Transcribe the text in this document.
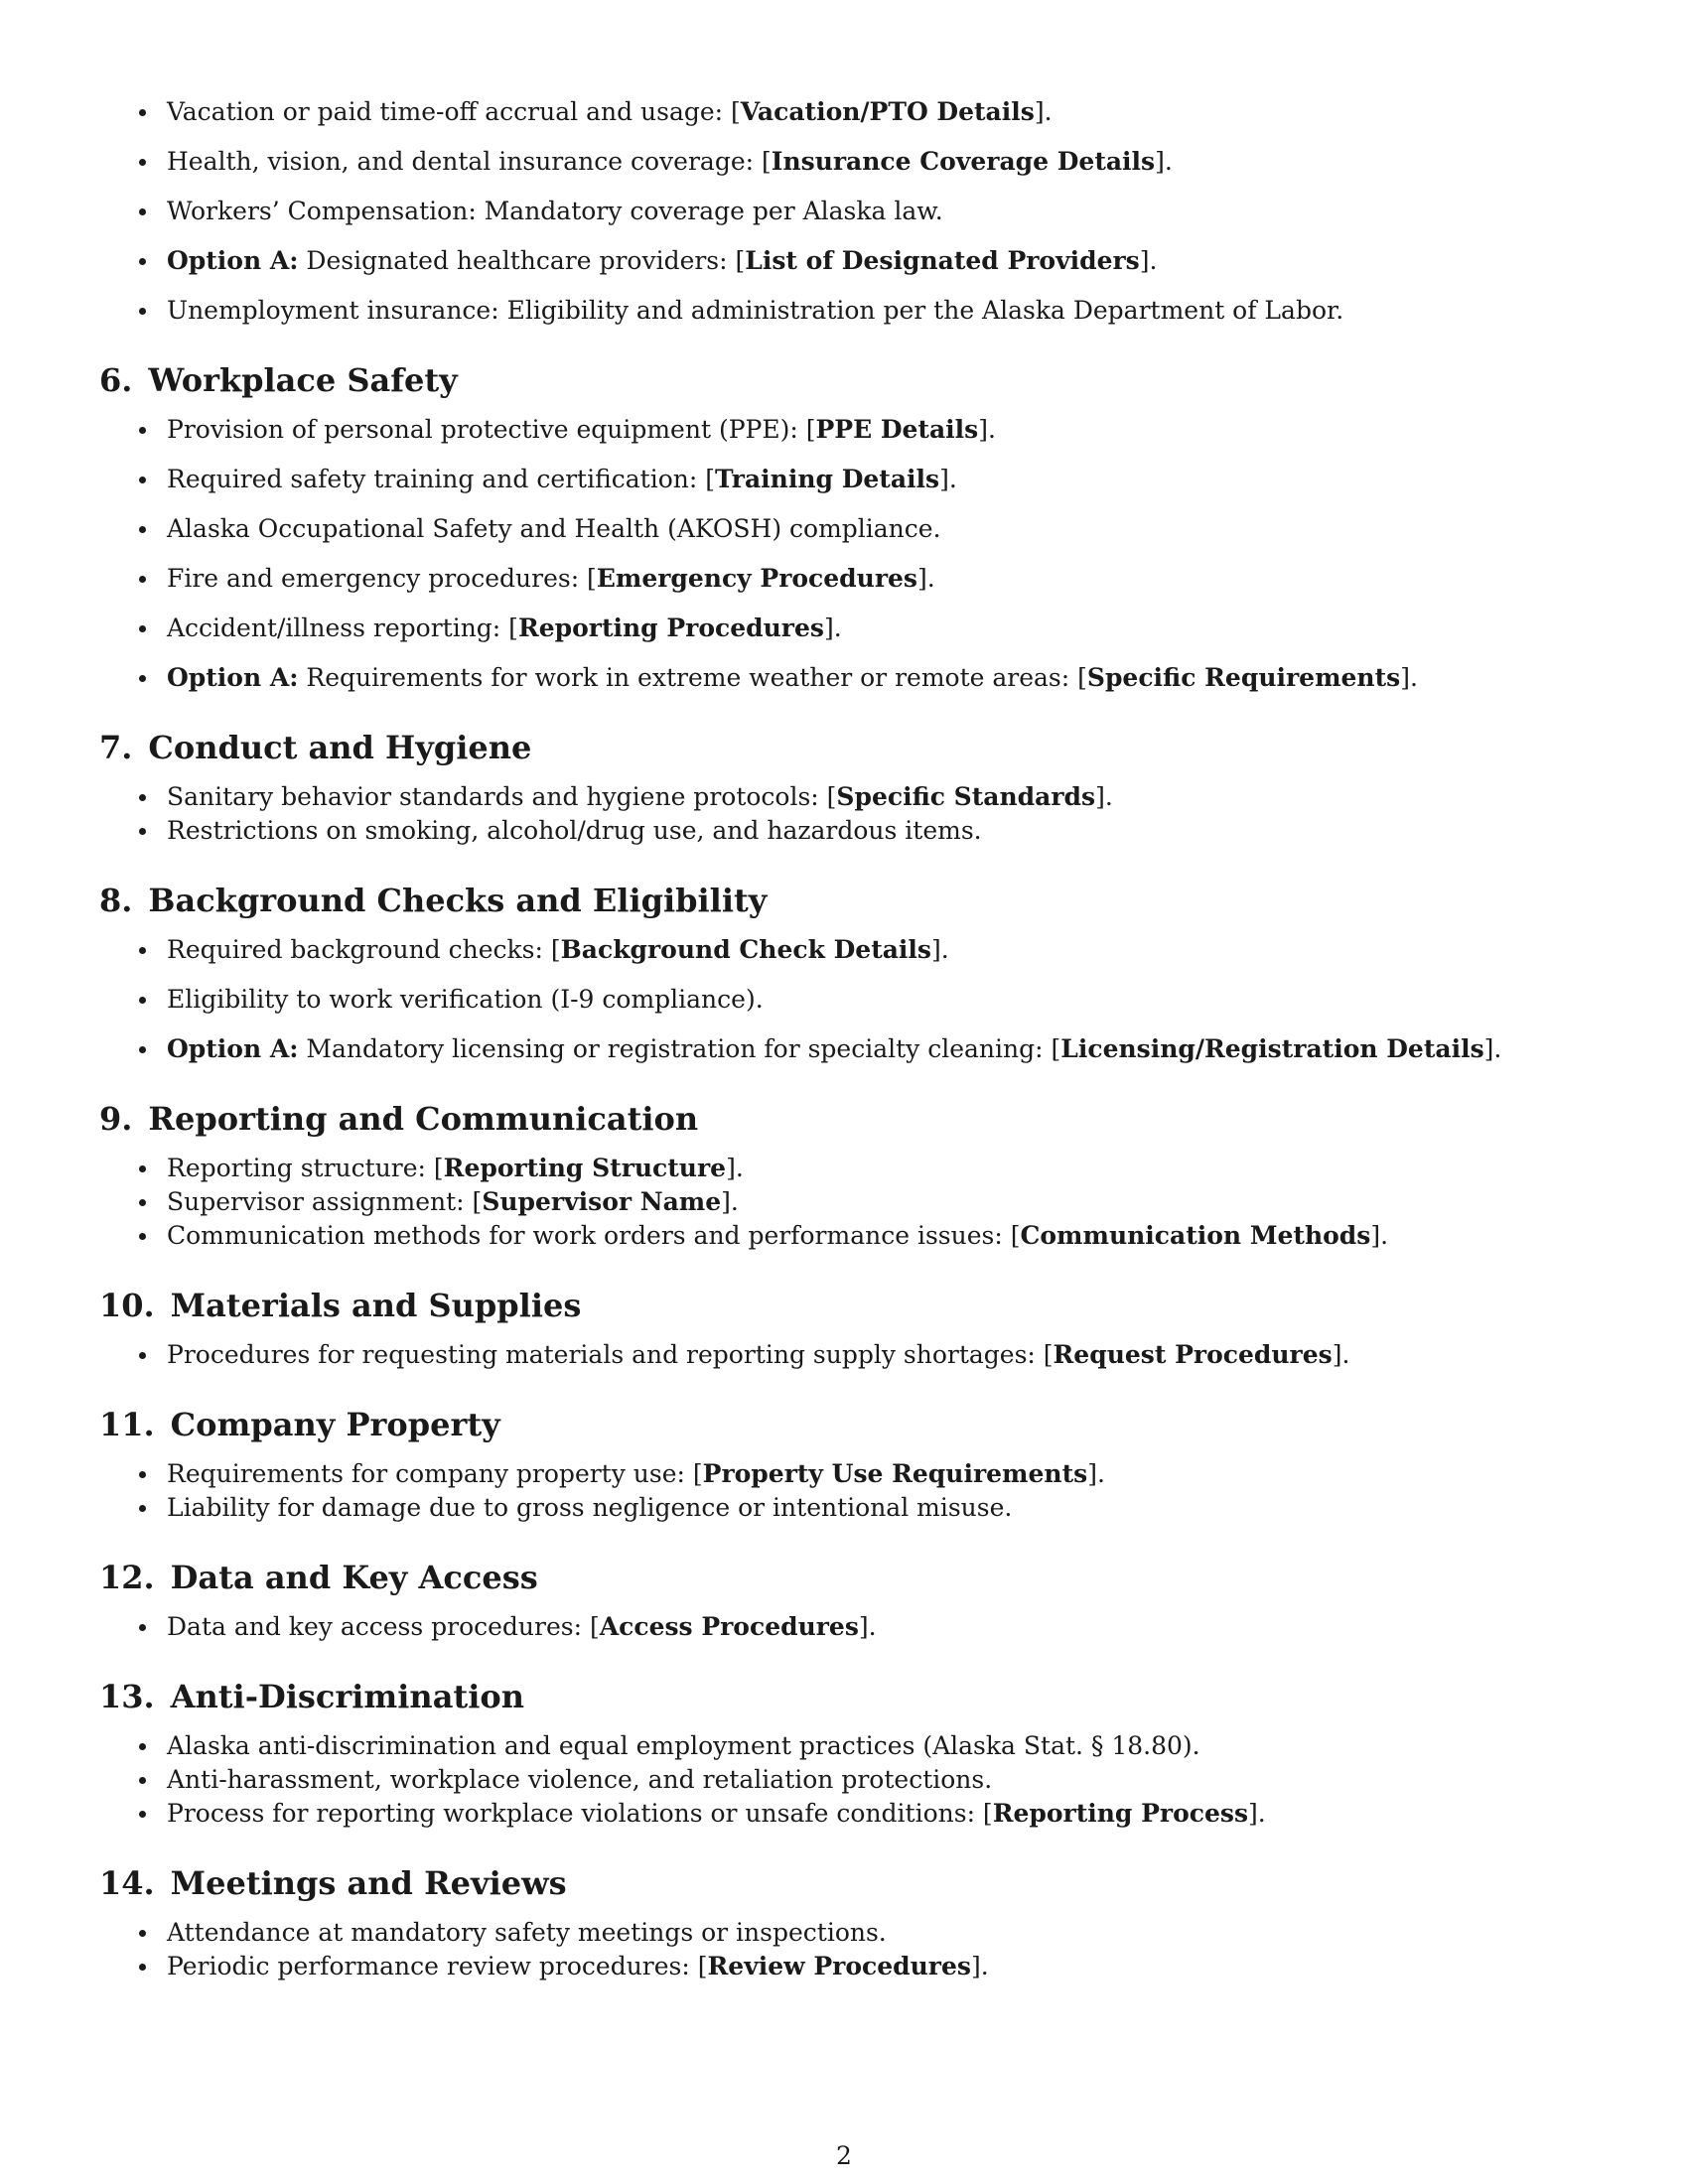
Vacation or paid time-off accrual and usage: [Vacation/PTO Details].
Health, vision, and dental insurance coverage: [Insurance Coverage Details].
Workers’ Compensation: Mandatory coverage per Alaska law.
Option A: Designated healthcare providers: [List of Designated Providers].
Unemployment insurance: Eligibility and administration per the Alaska Department of Labor.
6. Workplace Safety
Provision of personal protective equipment (PPE): [PPE Details].
Required safety training and certification: [Training Details].
Alaska Occupational Safety and Health (AKOSH) compliance.
Fire and emergency procedures: [Emergency Procedures].
Accident/illness reporting: [Reporting Procedures].
Option A: Requirements for work in extreme weather or remote areas: [Specific Requirements].
7. Conduct and Hygiene
Sanitary behavior standards and hygiene protocols: [Specific Standards].
Restrictions on smoking, alcohol/drug use, and hazardous items.
8. Background Checks and Eligibility
Required background checks: [Background Check Details].
Eligibility to work verification (I-9 compliance).
Option A: Mandatory licensing or registration for specialty cleaning: [Licensing/Registration Details].
9. Reporting and Communication
Reporting structure: [Reporting Structure].
Supervisor assignment: [Supervisor Name].
Communication methods for work orders and performance issues: [Communication Methods].
10. Materials and Supplies
Procedures for requesting materials and reporting supply shortages: [Request Procedures].
11. Company Property
Requirements for company property use: [Property Use Requirements].
Liability for damage due to gross negligence or intentional misuse.
12. Data and Key Access
Data and key access procedures: [Access Procedures].
13. Anti-Discrimination
Alaska anti-discrimination and equal employment practices (Alaska Stat. § 18.80).
Anti-harassment, workplace violence, and retaliation protections.
Process for reporting workplace violations or unsafe conditions: [Reporting Process].
14. Meetings and Reviews
Attendance at mandatory safety meetings or inspections.
Periodic performance review procedures: [Review Procedures].
2
